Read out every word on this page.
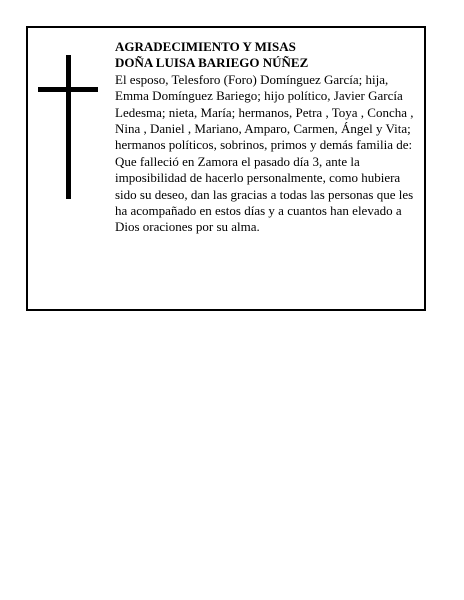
AGRADECIMIENTO Y MISAS

DOÑA LUISA BARIEGO NÚÑEZ

El esposo, Telesforo (Foro) Domínguez García; hija, Emma Domínguez Bariego; hijo político, Javier García Ledesma; nieta, María; hermanos, Petra , Toya , Concha , Nina , Daniel , Mariano, Amparo, Carmen, Ángel y Vita; hermanos políticos, sobrinos, primos y demás familia de:

Que falleció en Zamora el pasado día 3, ante la imposibilidad de hacerlo personalmente, como hubiera sido su deseo, dan las gracias a todas las personas que les ha acompañado en estos días y a cuantos han elevado a Dios oraciones por su alma.
